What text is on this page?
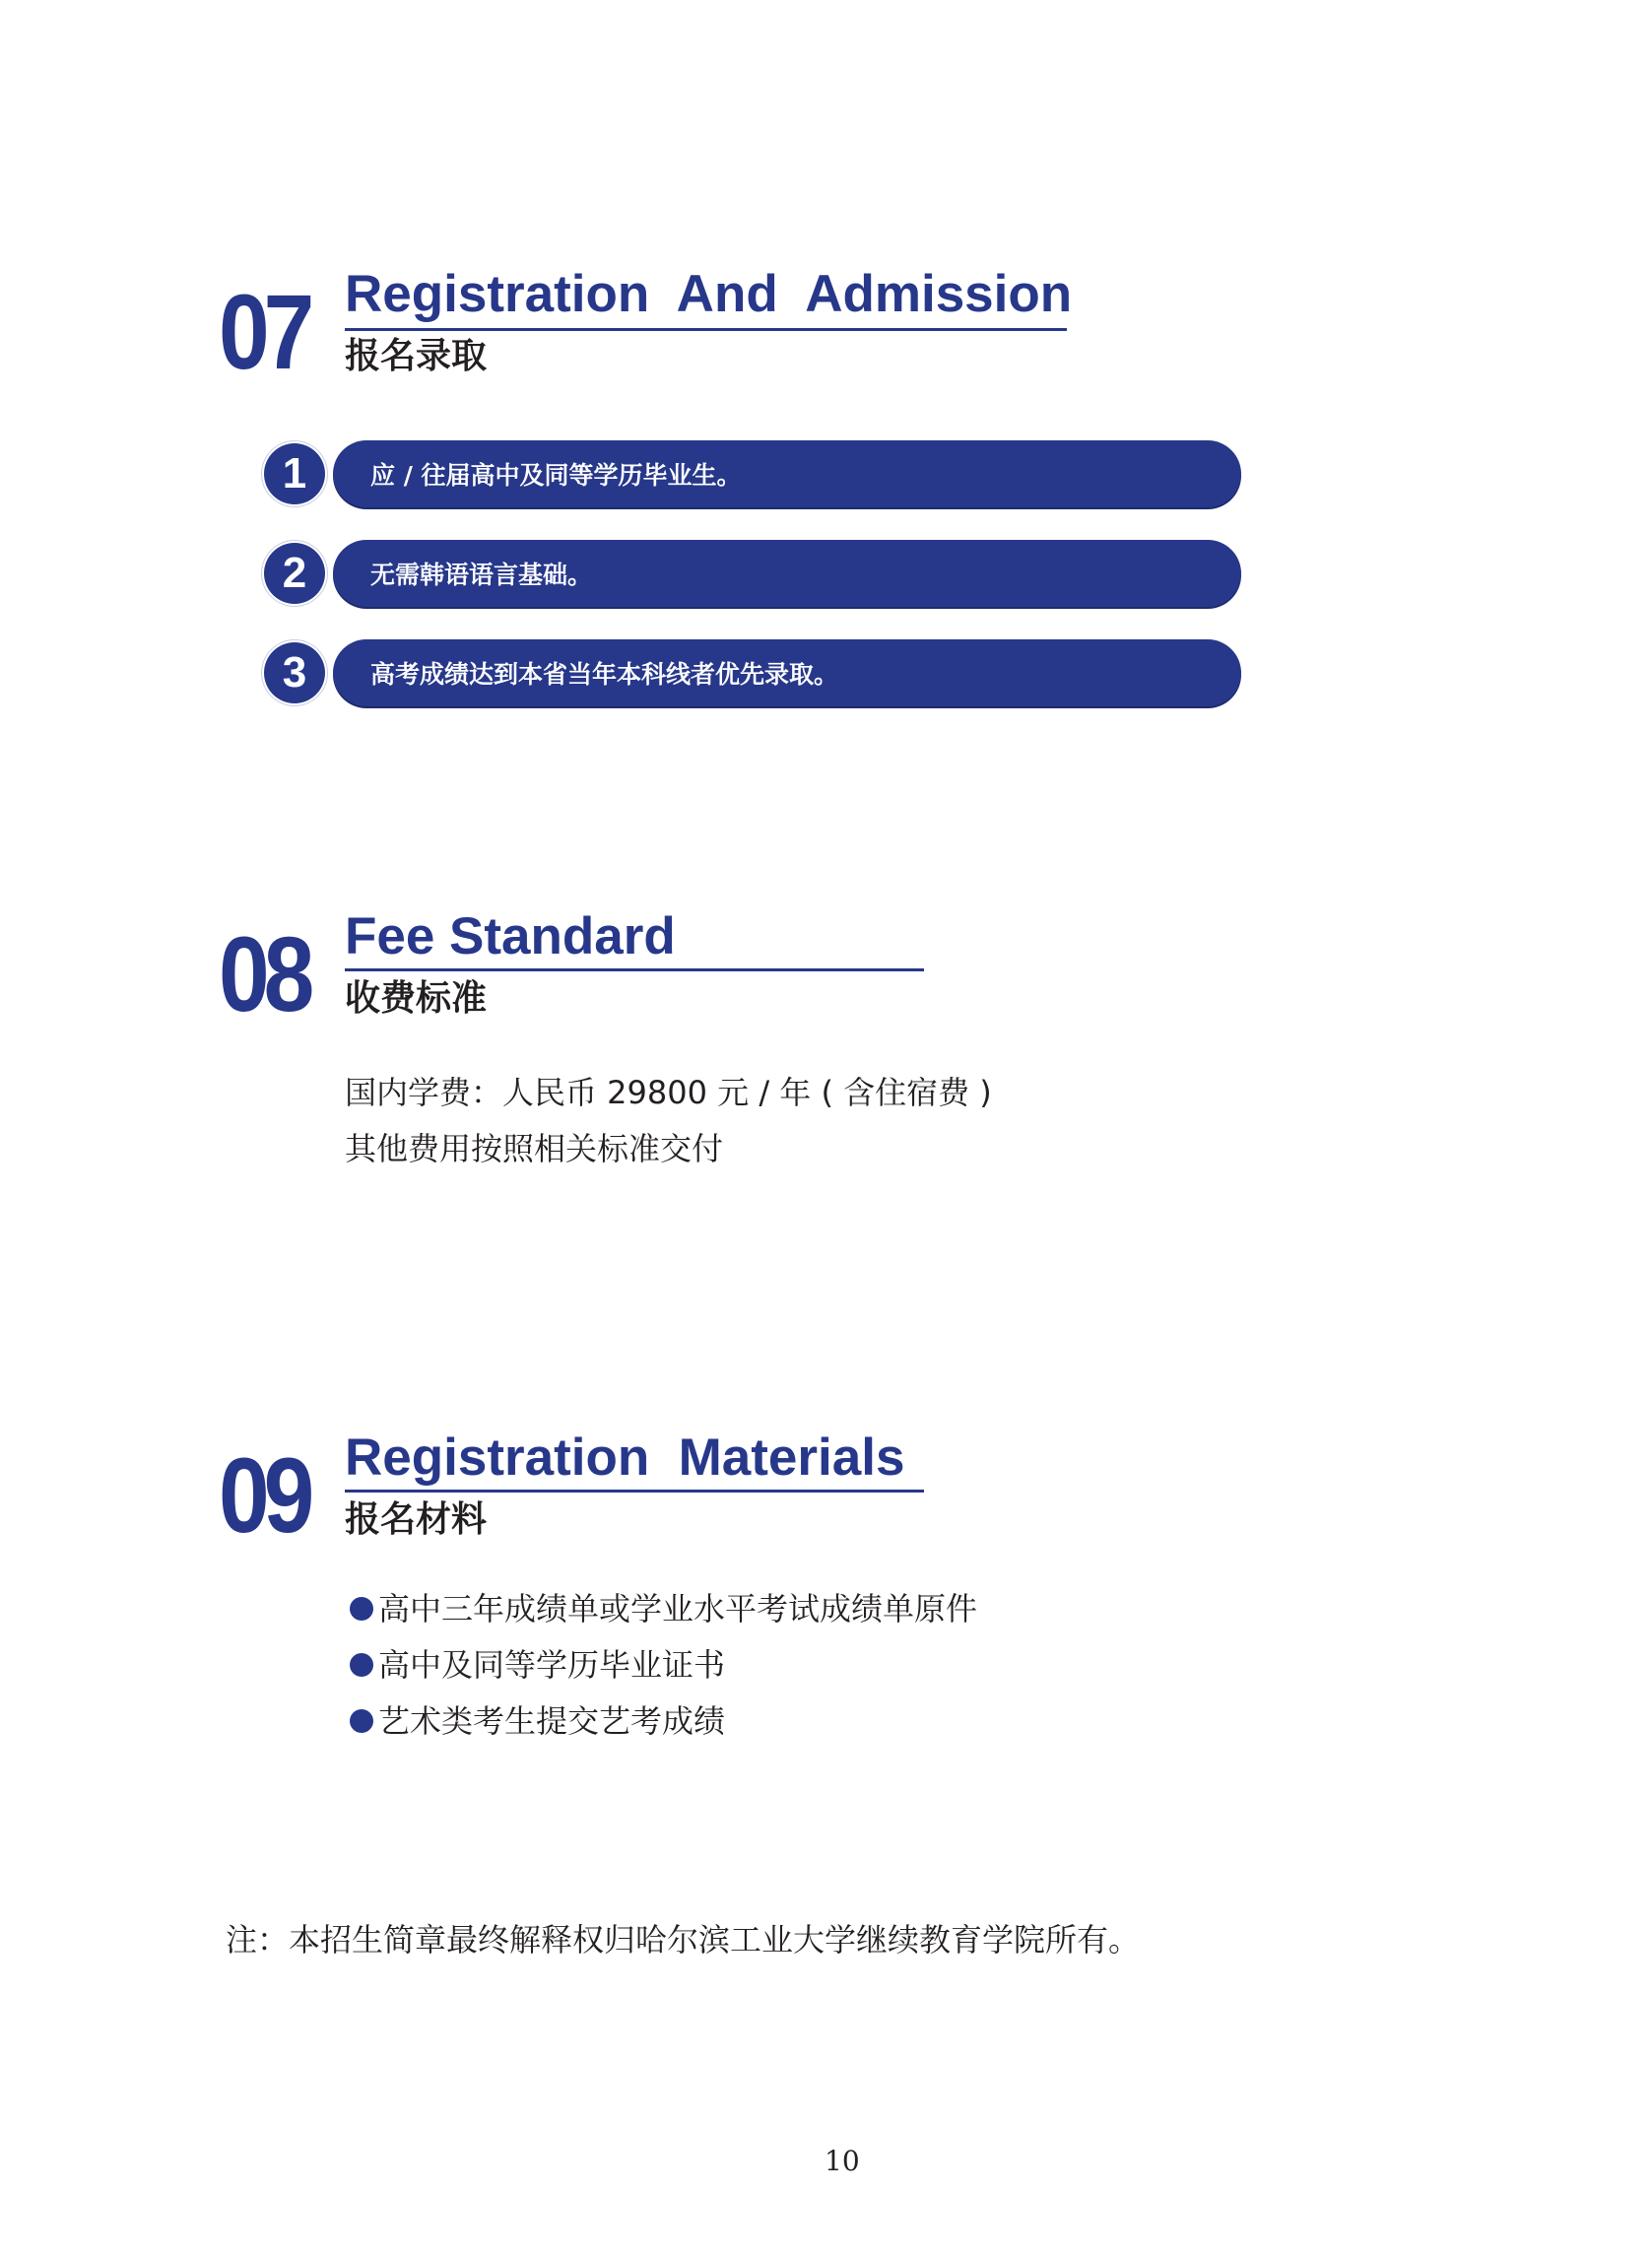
07 Registration  And  Admission
报名录取
1	应 / 往届高中及同等学历毕业生。
2	无需韩语语言基础。
3	高考成绩达到本省当年本科线者优先录取。
08 Fee Standard
收费标准
国内学费：人民币 29800 元 / 年 ( 含住宿费 )
其他费用按照相关标准交付
09 Registration  Materials
报名材料
高中三年成绩单或学业水平考试成绩单原件
高中及同等学历毕业证书
艺术类考生提交艺考成绩
注：本招生简章最终解释权归哈尔滨工业大学继续教育学院所有。
10
